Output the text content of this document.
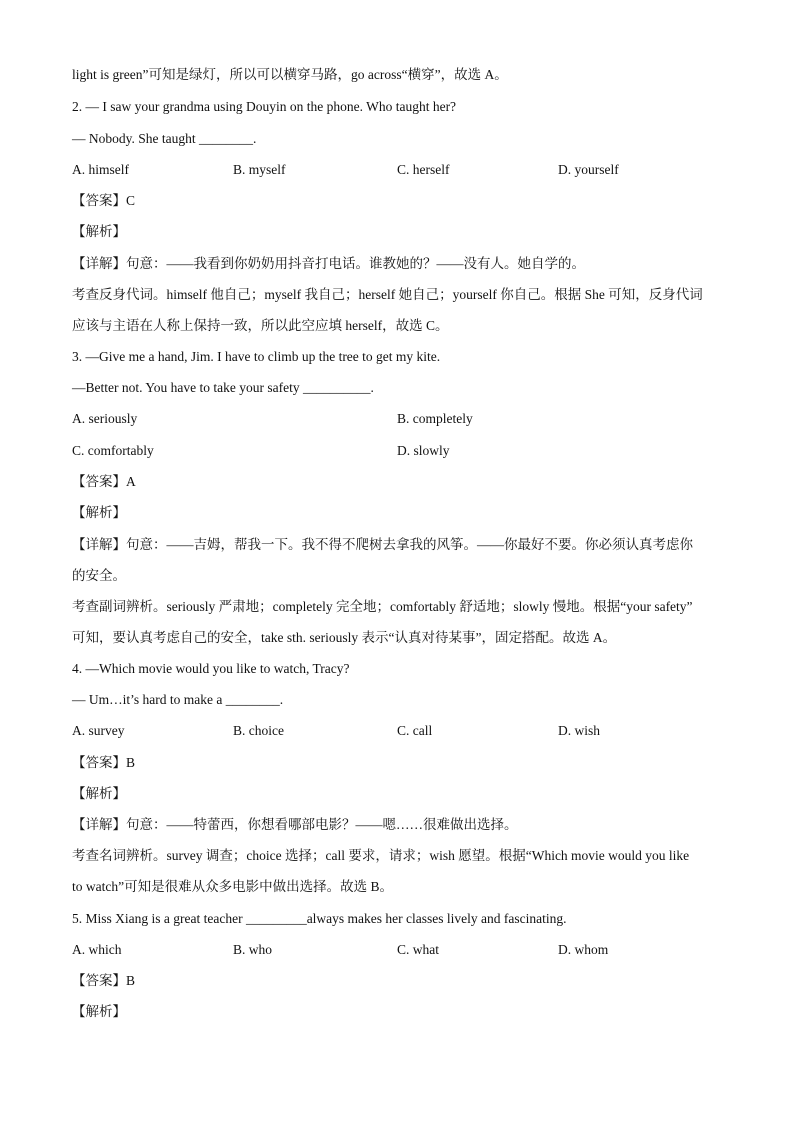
light is green”可知是绿灯，所以可以横穿马路，go across“横穿”，故选 A。
2. — I saw your grandma using Douyin on the phone. Who taught her?
— Nobody. She taught ________.
A. himself	B. myself	C. herself	D. yourself
【答案】C
【解析】
【详解】句意：——我看到你奶奶用抖音打电话。谁教她的？——没有人。她自学的。
考查反身代词。himself 他自己；myself 我自己；herself 她自己；yourself 你自己。根据 She 可知，反身代词
应该与主语在人称上保持一致，所以此空应填 herself，故选 C。
3. —Give me a hand, Jim. I have to climb up the tree to get my kite.
—Better not. You have to take your safety __________.
A. seriously	B. completely
C. comfortably	D. slowly
【答案】A
【解析】
【详解】句意：——吉姆，帮我一下。我不得不爬树去拿我的风筝。——你最好不要。你必须认真考虑你
的安全。
考查副词辨析。seriously 严肃地；completely 完全地；comfortably 舒适地；slowly 慢地。根据“your safety”
可知，要认真考虑自己的安全，take sth. seriously 表示“认真对待某事”，固定搭配。故选 A。
4. —Which movie would you like to watch, Tracy?
— Um…it’s hard to make a ________.
A. survey	B. choice	C. call	D. wish
【答案】B
【解析】
【详解】句意：——特蕾西，你想看哪部电影？——嗯……很难做出选择。
考查名词辨析。survey 调查；choice 选择；call 要求，请求；wish 愿望。根据“Which movie would you like
to watch”可知是很难从众多电影中做出选择。故选 B。
5. Miss Xiang is a great teacher _________always makes her classes lively and fascinating.
A. which	B. who	C. what	D. whom
【答案】B
【解析】
